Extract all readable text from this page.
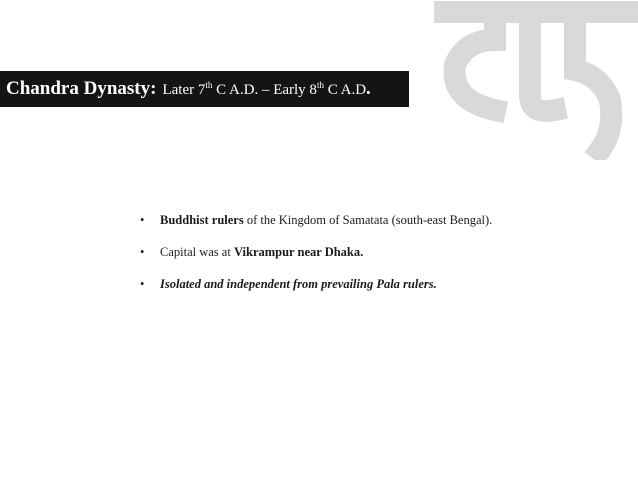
Chandra Dynasty: Later 7th C A.D. – Early 8th C A.D .
• Buddhist rulers of the Kingdom of Samatata (south-east Bengal).
• Capital was at Vikrampur near Dhaka.
• Isolated and independent from prevailing Pala rulers.
